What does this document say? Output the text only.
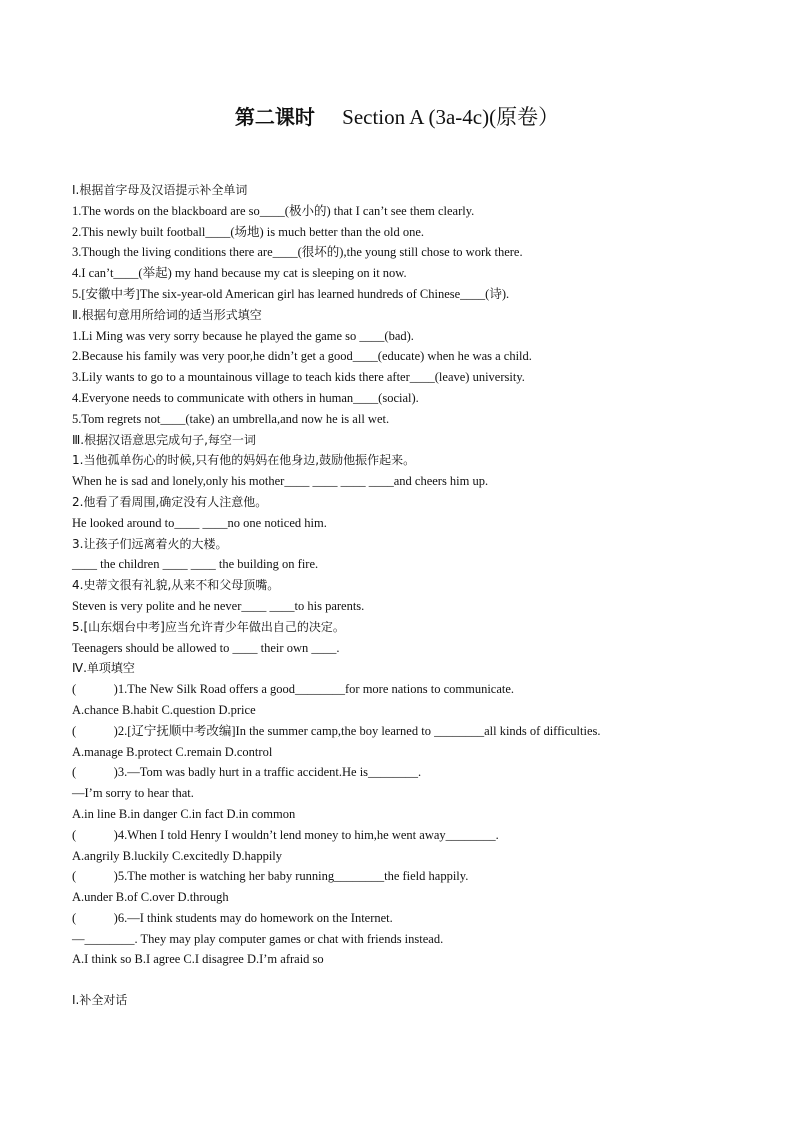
第二课时 Section A (3a-4c)(原卷）
Ⅰ.根据首字母及汉语提示补全单词
1.The words on the blackboard are so____(极小的) that I can’t see them clearly.
2.This newly built football____(场地) is much better than the old one.
3.Though the living conditions there are____(很坏的),the young still chose to work there.
4.I can’t____(举起) my hand because my cat is sleeping on it now.
5.[安徽中考]The six-year-old American girl has learned hundreds of Chinese____(诗).
Ⅱ.根据句意用所给词的适当形式填空
1.Li Ming was very sorry because he played the game so ____(bad).
2.Because his family was very poor,he didn’t get a good____(educate) when he was a child.
3.Lily wants to go to a mountainous village to teach kids there after____(leave) university.
4.Everyone needs to communicate with others in human____(social).
5.Tom regrets not____(take) an umbrella,and now he is all wet.
Ⅲ.根据汉语意思完成句子,每空一词
1.当他孤单伤心的时候,只有他的妈妈在他身边,鼓励他振作起来。
When he is sad and lonely,only his mother____ ____ ____ ____and cheers him up.
2.他看了看周围,确定没有人注意他。
He looked around to____ ____no one noticed him.
3.让孩子们远离着火的大楼。
____ the children ____ ____ the building on fire.
4.史蒂文很有礼貌,从来不和父母顶嘴。
Steven is very polite and he never____ ____to his parents.
5.[山东烟台中考]应当允许青少年做出自己的决定。
Teenagers should be allowed to ____ their own ____.
Ⅳ.单项填空
(　　　)1.The New Silk Road offers a good________for more nations to communicate.
A.chance B.habit C.question D.price
(　　　)2.[辽宁抚顺中考改编]In the summer camp,the boy learned to ________all kinds of difficulties.
A.manage B.protect C.remain D.control
(　　　)3.—Tom was badly hurt in a traffic accident.He is________.
—I’m sorry to hear that.
A.in line B.in danger C.in fact D.in common
(　　　)4.When I told Henry I wouldn’t lend money to him,he went away________.
A.angrily B.luckily C.excitedly D.happily
(　　　)5.The mother is watching her baby running________the field happily.
A.under B.of C.over D.through
(　　　)6.—I think students may do homework on the Internet.
—________. They may play computer games or chat with friends instead.
A.I think so B.I agree C.I disagree D.I’m afraid so
Ⅰ.补全对话
